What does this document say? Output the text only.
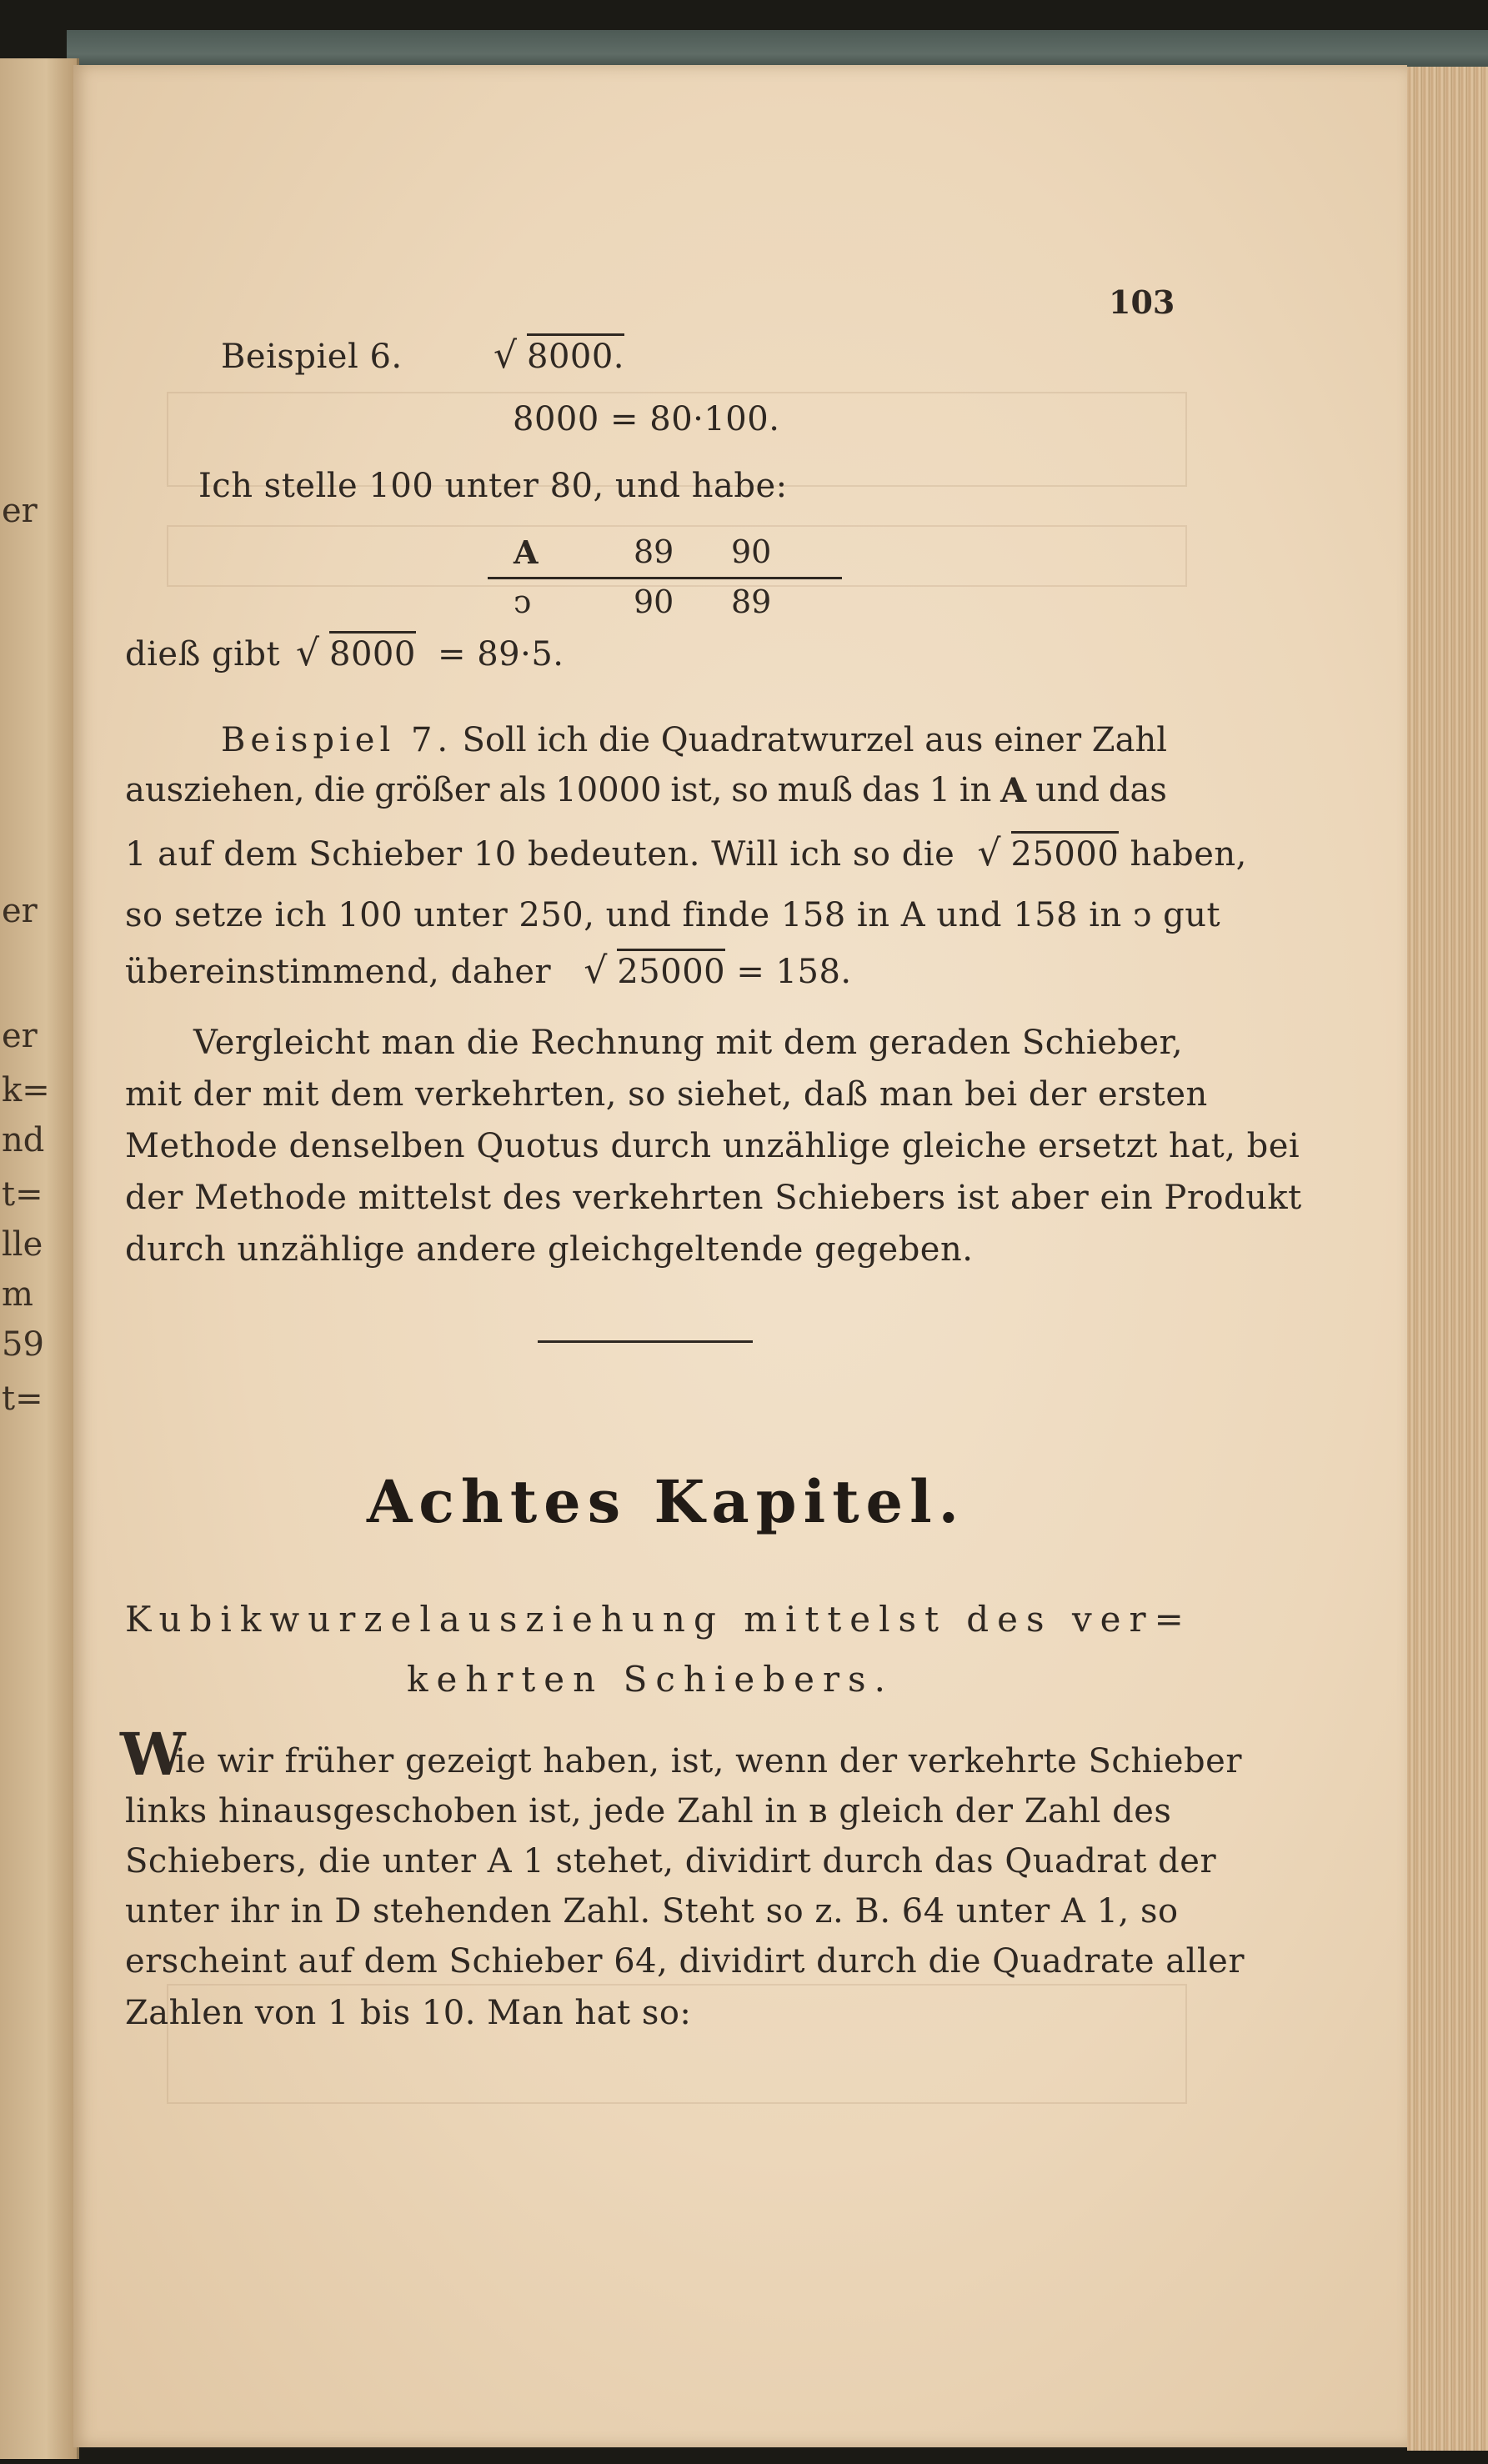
er
er
er
k=
nd
t=
lle
m
59
t=
103
Beispiel 6.	√ 8000.
8000 = 80·100.
Ich stelle 100 unter 80, und habe:
A	89 90
ↄ	90 89
dieß gibt	√ 8000 = 89·5.
Beispiel 7. Soll ich die Quadratwurzel aus einer Zahl
ausziehen, die größer als 10000 ist, so muß das 1 in A und das
1 auf dem Schieber 10 bedeuten. Will ich so die √ 25000 haben,
so setze ich 100 unter 250, und finde 158 in A und 158 in ↄ gut
übereinstimmend, daher √ 25000 = 158.
Vergleicht man die Rechnung mit dem geraden Schieber,
mit der mit dem verkehrten, so siehet, daß man bei der ersten
Methode denselben Quotus durch unzählige gleiche ersetzt hat, bei
der Methode mittelst des verkehrten Schiebers ist aber ein Produkt
durch unzählige andere gleichgeltende gegeben.
Achtes Kapitel.
Kubikwurzelausziehung mittelst des ver=
kehrten Schiebers.
W
ie wir früher gezeigt haben, ist, wenn der verkehrte Schieber
links hinausgeschoben ist, jede Zahl in ʙ gleich der Zahl des
Schiebers, die unter A 1 stehet, dividirt durch das Quadrat der
unter ihr in D stehenden Zahl. Steht so z. B. 64 unter A 1, so
erscheint auf dem Schieber 64, dividirt durch die Quadrate aller
Zahlen von 1 bis 10. Man hat so:
